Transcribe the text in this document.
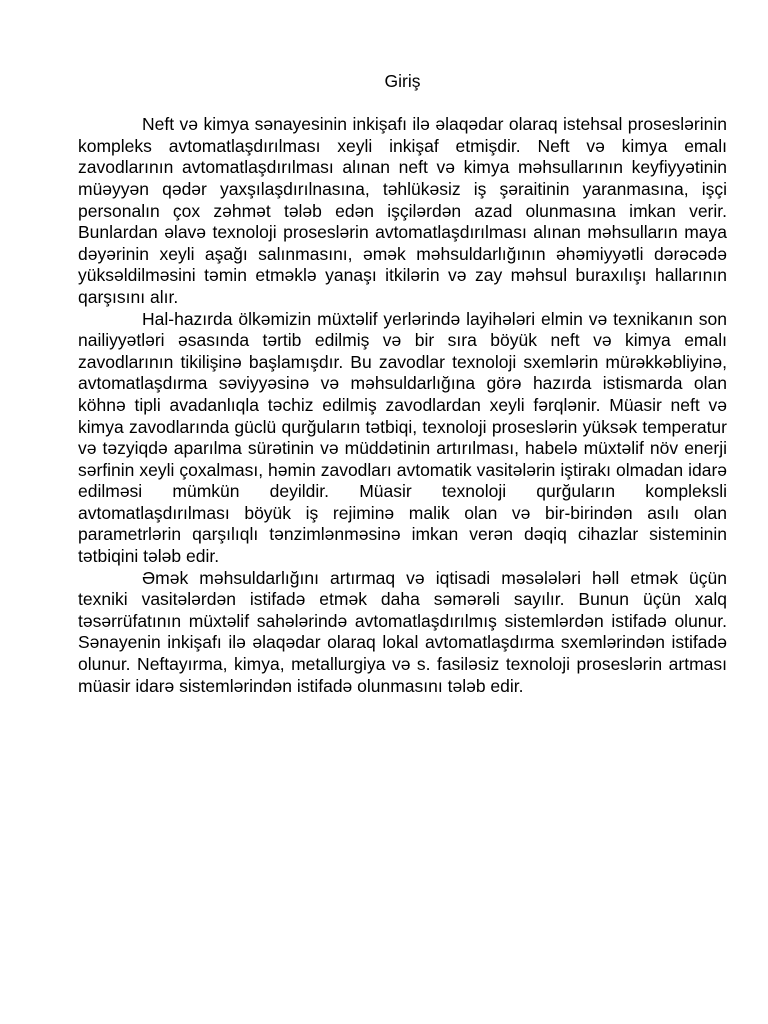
Giriş

Neft və kimya sənayesinin inkişafı ilə əlaqədar olaraq istehsal proseslərinin kompleks avtomatlaşdırılması xeyli inkişaf etmişdir. Neft və kimya emalı zavodlarının avtomatlaşdırılması alınan neft və kimya məhsullarının keyfiyyətinin müəyyən qədər yaxşılaşdırılnasına, təhlükəsiz iş şəraitinin yaranmasına, işçi personalın çox zəhmət tələb edən işçilərdən azad olunmasına imkan verir. Bunlardan əlavə texnoloji proseslərin avtomatlaşdırılması alınan məhsulların maya dəyərinin xeyli aşağı salınmasını, əmək məhsuldarlığının əhəmiyyətli dərəcədə yüksəldilməsini təmin etməklə yanaşı itkilərin və zay məhsul buraxılışı hallarının qarşısını alır.

Hal-hazırda ölkəmizin müxtəlif yerlərində layihələri elmin və texnikanın son nailiyyətləri əsasında tərtib edilmiş və bir sıra böyük neft və kimya emalı zavodlarının tikilişinə başlamışdır. Bu zavodlar texnoloji sxemlərin mürəkkəbliyinə, avtomatlaşdırma səviyyəsinə və məhsuldarlığına görə hazırda istismarda olan köhnə tipli avadanlıqla təchiz edilmiş zavodlardan xeyli fərqlənir. Müasir neft və kimya zavodlarında güclü qurğuların tətbiqi, texnoloji proseslərin yüksək temperatur və təzyiqdə aparılma sürətinin və müddətinin artırılması, habelə müxtəlif növ enerji sərfinin xeyli çoxalması, həmin zavodları avtomatik vasitələrin iştirakı olmadan idarə edilməsi mümkün deyildir. Müasir texnoloji qurğuların kompleksli avtomatlaşdırılması böyük iş rejiminə malik olan və bir-birindən asılı olan parametrlərin qarşılıqlı tənzimlənməsinə imkan verən dəqiq cihazlar sisteminin tətbiqini tələb edir.

Əmək məhsuldarlığını artırmaq və iqtisadi məsələləri həll etmək üçün texniki vasitələrdən istifadə etmək daha səmərəli sayılır. Bunun üçün xalq təsərrüfatının müxtəlif sahələrində avtomatlaşdırılmış sistemlərdən istifadə olunur. Sənayenin inkişafı ilə əlaqədar olaraq lokal avtomatlaşdırma sxemlərindən istifadə olunur. Neftayırma, kimya, metallurgiya və s. fasiləsiz texnoloji proseslərin artması müasir idarə sistemlərindən istifadə olunmasını tələb edir.
